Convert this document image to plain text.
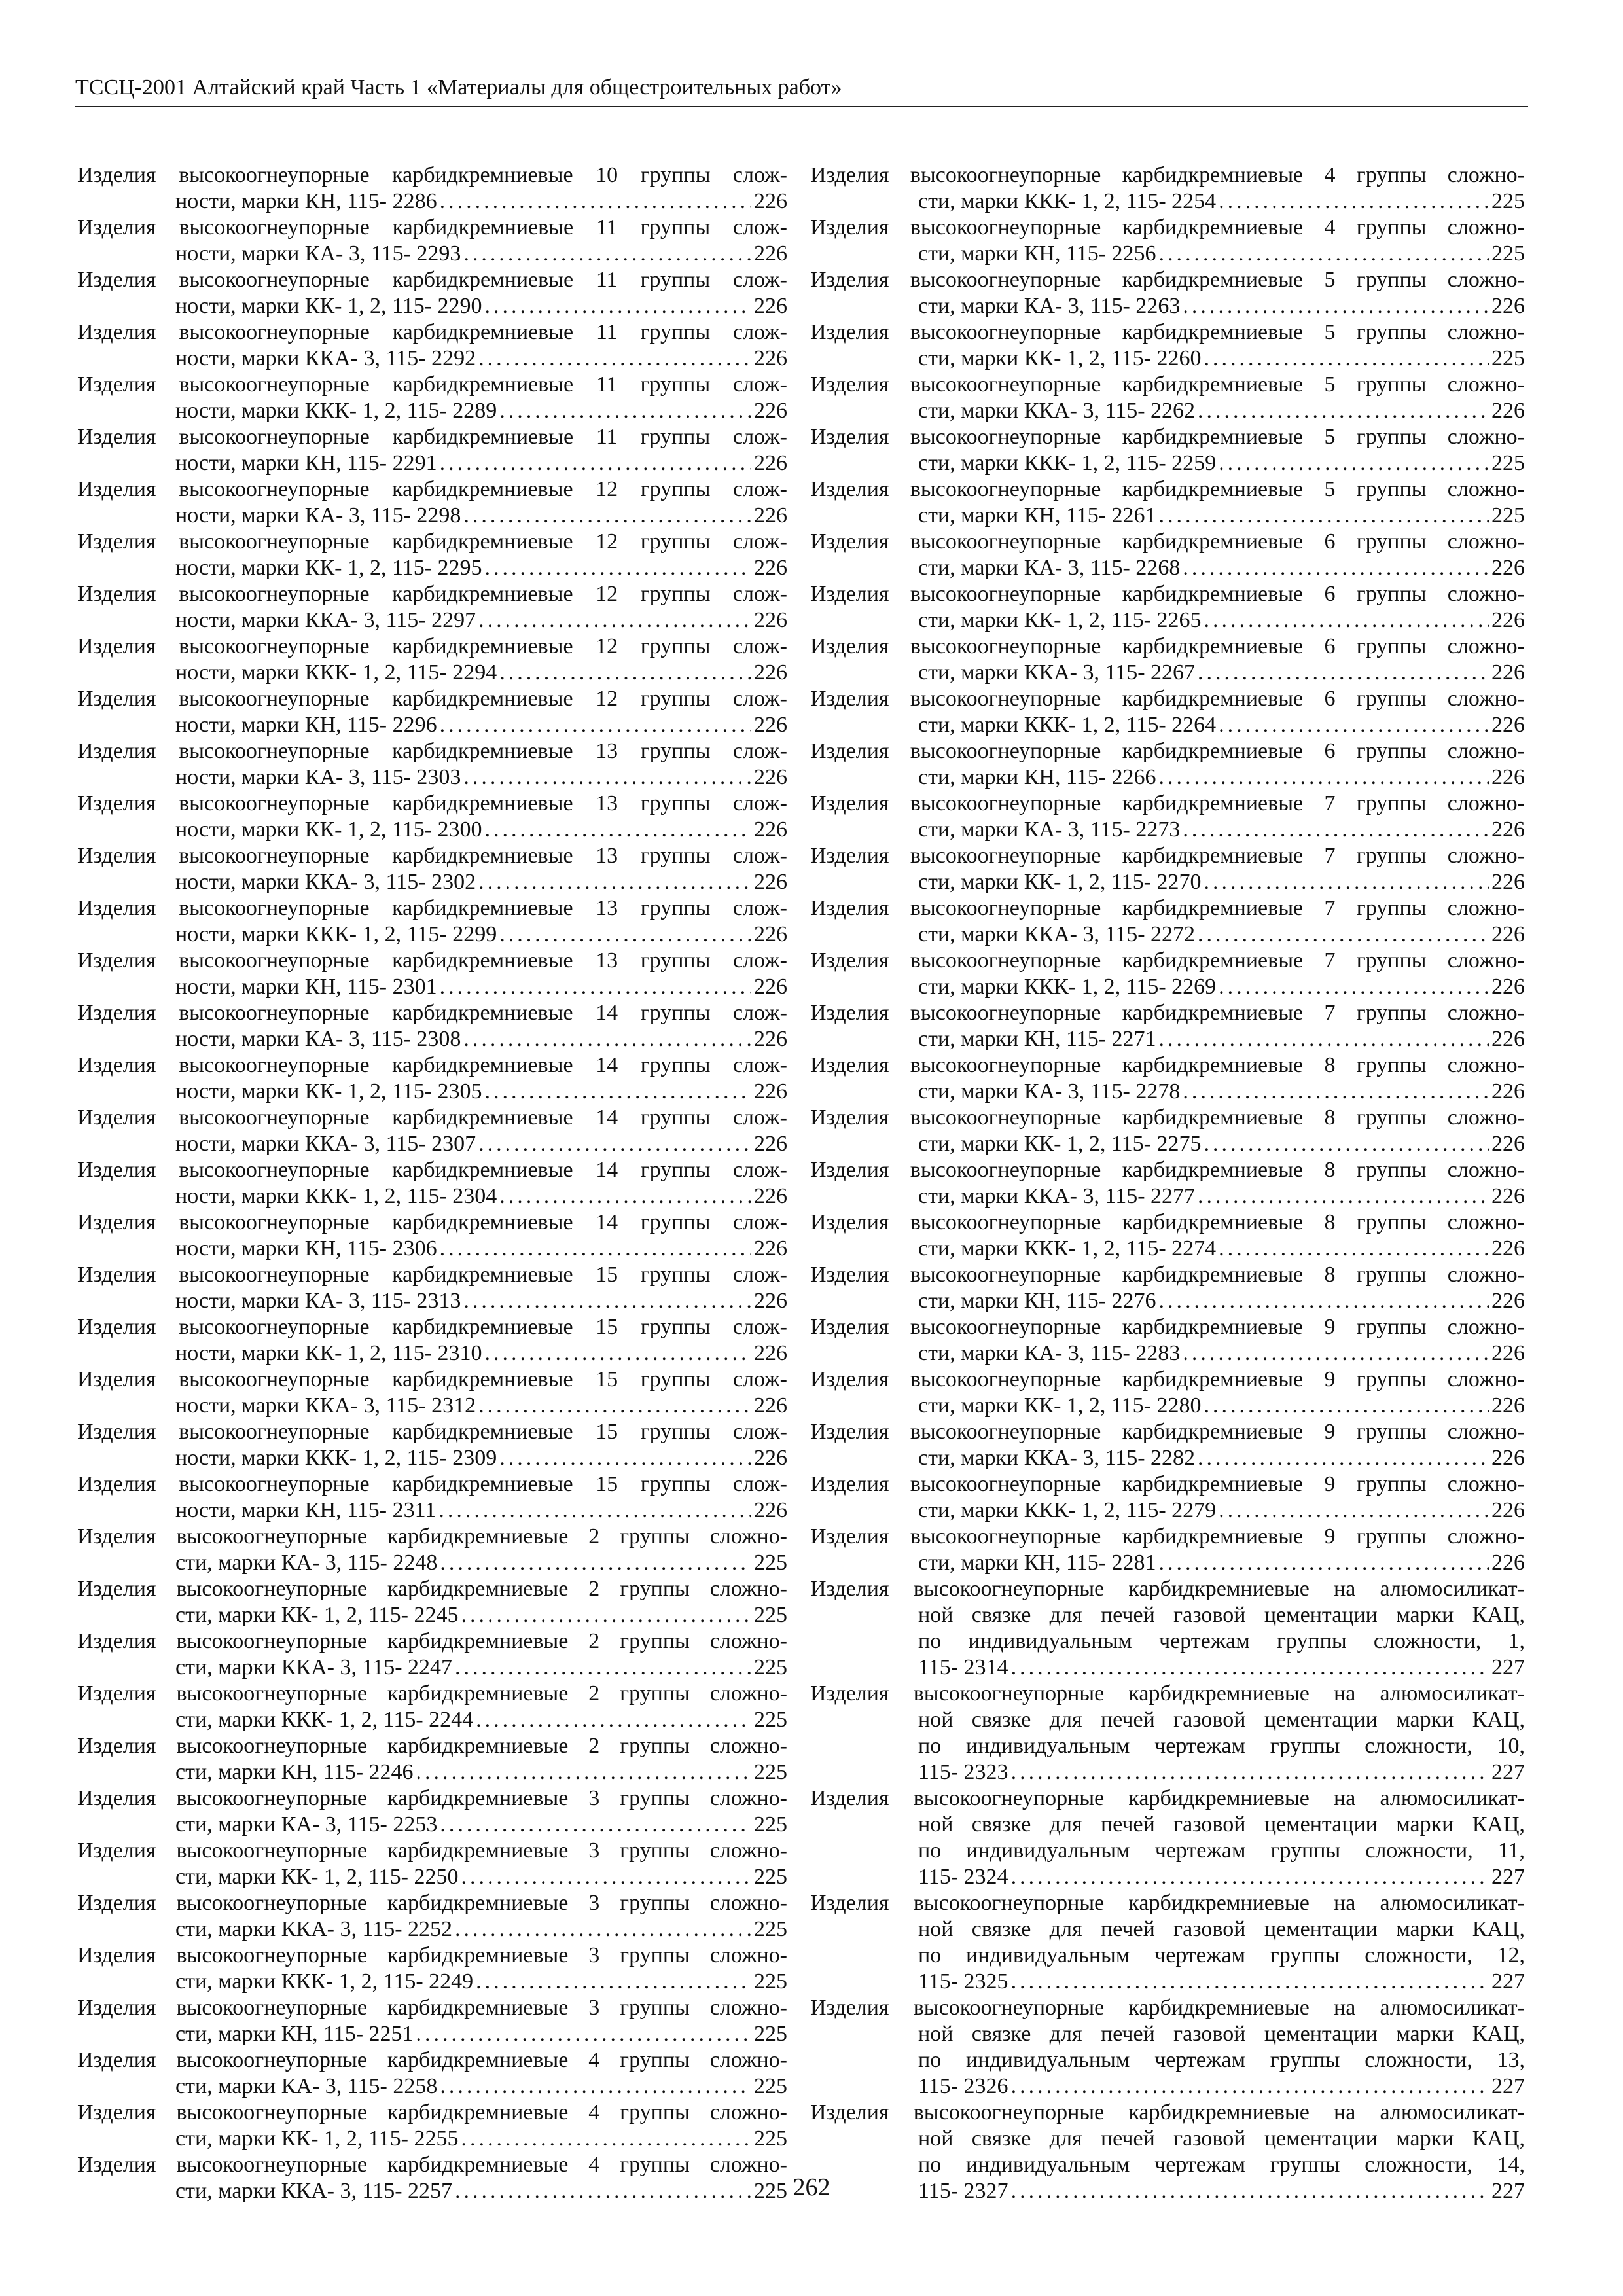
ТССЦ-2001 Алтайский край Часть 1 «Материалы для общестроительных работ»
Изделия высокоогнеупорные карбидкремниевые 10 группы слож-
ности, марки КН, 115- 2286 .....	226
Изделия высокоогнеупорные карбидкремниевые 11 группы слож-
ности, марки КА- 3, 115- 2293 .....	226
Изделия высокоогнеупорные карбидкремниевые 11 группы слож-
ности, марки КК- 1, 2, 115- 2290 .....	226
Изделия высокоогнеупорные карбидкремниевые 11 группы слож-
ности, марки ККА- 3, 115- 2292 .....	226
Изделия высокоогнеупорные карбидкремниевые 11 группы слож-
ности, марки ККК- 1, 2, 115- 2289 .....	226
Изделия высокоогнеупорные карбидкремниевые 11 группы слож-
ности, марки КН, 115- 2291 .....	226
Изделия высокоогнеупорные карбидкремниевые 12 группы слож-
ности, марки КА- 3, 115- 2298 .....	226
Изделия высокоогнеупорные карбидкремниевые 12 группы слож-
ности, марки КК- 1, 2, 115- 2295 .....	226
Изделия высокоогнеупорные карбидкремниевые 12 группы слож-
ности, марки ККА- 3, 115- 2297 .....	226
Изделия высокоогнеупорные карбидкремниевые 12 группы слож-
ности, марки ККК- 1, 2, 115- 2294 .....	226
Изделия высокоогнеупорные карбидкремниевые 12 группы слож-
ности, марки КН, 115- 2296 .....	226
Изделия высокоогнеупорные карбидкремниевые 13 группы слож-
ности, марки КА- 3, 115- 2303 .....	226
Изделия высокоогнеупорные карбидкремниевые 13 группы слож-
ности, марки КК- 1, 2, 115- 2300 .....	226
Изделия высокоогнеупорные карбидкремниевые 13 группы слож-
ности, марки ККА- 3, 115- 2302 .....	226
Изделия высокоогнеупорные карбидкремниевые 13 группы слож-
ности, марки ККК- 1, 2, 115- 2299 .....	226
Изделия высокоогнеупорные карбидкремниевые 13 группы слож-
ности, марки КН, 115- 2301 .....	226
Изделия высокоогнеупорные карбидкремниевые 14 группы слож-
ности, марки КА- 3, 115- 2308 .....	226
Изделия высокоогнеупорные карбидкремниевые 14 группы слож-
ности, марки КК- 1, 2, 115- 2305 .....	226
Изделия высокоогнеупорные карбидкремниевые 14 группы слож-
ности, марки ККА- 3, 115- 2307 .....	226
Изделия высокоогнеупорные карбидкремниевые 14 группы слож-
ности, марки ККК- 1, 2, 115- 2304 .....	226
Изделия высокоогнеупорные карбидкремниевые 14 группы слож-
ности, марки КН, 115- 2306 .....	226
Изделия высокоогнеупорные карбидкремниевые 15 группы слож-
ности, марки КА- 3, 115- 2313 .....	226
Изделия высокоогнеупорные карбидкремниевые 15 группы слож-
ности, марки КК- 1, 2, 115- 2310 .....	226
Изделия высокоогнеупорные карбидкремниевые 15 группы слож-
ности, марки ККА- 3, 115- 2312 .....	226
Изделия высокоогнеупорные карбидкремниевые 15 группы слож-
ности, марки ККК- 1, 2, 115- 2309 .....	226
Изделия высокоогнеупорные карбидкремниевые 15 группы слож-
ности, марки КН, 115- 2311 .....	226
Изделия высокоогнеупорные карбидкремниевые 2 группы сложно-
сти, марки КА- 3, 115- 2248 .....	225
Изделия высокоогнеупорные карбидкремниевые 2 группы сложно-
сти, марки КК- 1, 2, 115- 2245 .....	225
Изделия высокоогнеупорные карбидкремниевые 2 группы сложно-
сти, марки ККА- 3, 115- 2247 .....	225
Изделия высокоогнеупорные карбидкремниевые 2 группы сложно-
сти, марки ККК- 1, 2, 115- 2244 .....	225
Изделия высокоогнеупорные карбидкремниевые 2 группы сложно-
сти, марки КН, 115- 2246 .....	225
Изделия высокоогнеупорные карбидкремниевые 3 группы сложно-
сти, марки КА- 3, 115- 2253 .....	225
Изделия высокоогнеупорные карбидкремниевые 3 группы сложно-
сти, марки КК- 1, 2, 115- 2250 .....	225
Изделия высокоогнеупорные карбидкремниевые 3 группы сложно-
сти, марки ККА- 3, 115- 2252 .....	225
Изделия высокоогнеупорные карбидкремниевые 3 группы сложно-
сти, марки ККК- 1, 2, 115- 2249 .....	225
Изделия высокоогнеупорные карбидкремниевые 3 группы сложно-
сти, марки КН, 115- 2251 .....	225
Изделия высокоогнеупорные карбидкремниевые 4 группы сложно-
сти, марки КА- 3, 115- 2258 .....	225
Изделия высокоогнеупорные карбидкремниевые 4 группы сложно-
сти, марки КК- 1, 2, 115- 2255 .....	225
Изделия высокоогнеупорные карбидкремниевые 4 группы сложно-
сти, марки ККА- 3, 115- 2257 .....	225
Изделия высокоогнеупорные карбидкремниевые 4 группы сложно-
сти, марки ККК- 1, 2, 115- 2254 .....	225
Изделия высокоогнеупорные карбидкремниевые 4 группы сложно-
сти, марки КН, 115- 2256 .....	225
Изделия высокоогнеупорные карбидкремниевые 5 группы сложно-
сти, марки КА- 3, 115- 2263 .....	226
Изделия высокоогнеупорные карбидкремниевые 5 группы сложно-
сти, марки КК- 1, 2, 115- 2260 .....	225
Изделия высокоогнеупорные карбидкремниевые 5 группы сложно-
сти, марки ККА- 3, 115- 2262 .....	226
Изделия высокоогнеупорные карбидкремниевые 5 группы сложно-
сти, марки ККК- 1, 2, 115- 2259 .....	225
Изделия высокоогнеупорные карбидкремниевые 5 группы сложно-
сти, марки КН, 115- 2261 .....	225
Изделия высокоогнеупорные карбидкремниевые 6 группы сложно-
сти, марки КА- 3, 115- 2268 .....	226
Изделия высокоогнеупорные карбидкремниевые 6 группы сложно-
сти, марки КК- 1, 2, 115- 2265 .....	226
Изделия высокоогнеупорные карбидкремниевые 6 группы сложно-
сти, марки ККА- 3, 115- 2267 .....	226
Изделия высокоогнеупорные карбидкремниевые 6 группы сложно-
сти, марки ККК- 1, 2, 115- 2264 .....	226
Изделия высокоогнеупорные карбидкремниевые 6 группы сложно-
сти, марки КН, 115- 2266 .....	226
Изделия высокоогнеупорные карбидкремниевые 7 группы сложно-
сти, марки КА- 3, 115- 2273 .....	226
Изделия высокоогнеупорные карбидкремниевые 7 группы сложно-
сти, марки КК- 1, 2, 115- 2270 .....	226
Изделия высокоогнеупорные карбидкремниевые 7 группы сложно-
сти, марки ККА- 3, 115- 2272 .....	226
Изделия высокоогнеупорные карбидкремниевые 7 группы сложно-
сти, марки ККК- 1, 2, 115- 2269 .....	226
Изделия высокоогнеупорные карбидкремниевые 7 группы сложно-
сти, марки КН, 115- 2271 .....	226
Изделия высокоогнеупорные карбидкремниевые 8 группы сложно-
сти, марки КА- 3, 115- 2278 .....	226
Изделия высокоогнеупорные карбидкремниевые 8 группы сложно-
сти, марки КК- 1, 2, 115- 2275 .....	226
Изделия высокоогнеупорные карбидкремниевые 8 группы сложно-
сти, марки ККА- 3, 115- 2277 .....	226
Изделия высокоогнеупорные карбидкремниевые 8 группы сложно-
сти, марки ККК- 1, 2, 115- 2274 .....	226
Изделия высокоогнеупорные карбидкремниевые 8 группы сложно-
сти, марки КН, 115- 2276 .....	226
Изделия высокоогнеупорные карбидкремниевые 9 группы сложно-
сти, марки КА- 3, 115- 2283 .....	226
Изделия высокоогнеупорные карбидкремниевые 9 группы сложно-
сти, марки КК- 1, 2, 115- 2280 .....	226
Изделия высокоогнеупорные карбидкремниевые 9 группы сложно-
сти, марки ККА- 3, 115- 2282 .....	226
Изделия высокоогнеупорные карбидкремниевые 9 группы сложно-
сти, марки ККК- 1, 2, 115- 2279 .....	226
Изделия высокоогнеупорные карбидкремниевые 9 группы сложно-
сти, марки КН, 115- 2281 .....	226
Изделия высокоогнеупорные карбидкремниевые на алюмосиликат-
ной связке для печей газовой цементации марки КАЦ,
по индивидуальным чертежам группы сложности, 1,
115- 2314 .....	227
Изделия высокоогнеупорные карбидкремниевые на алюмосиликат-
ной связке для печей газовой цементации марки КАЦ,
по индивидуальным чертежам группы сложности, 10,
115- 2323 .....	227
Изделия высокоогнеупорные карбидкремниевые на алюмосиликат-
ной связке для печей газовой цементации марки КАЦ,
по индивидуальным чертежам группы сложности, 11,
115- 2324 .....	227
Изделия высокоогнеупорные карбидкремниевые на алюмосиликат-
ной связке для печей газовой цементации марки КАЦ,
по индивидуальным чертежам группы сложности, 12,
115- 2325 .....	227
Изделия высокоогнеупорные карбидкремниевые на алюмосиликат-
ной связке для печей газовой цементации марки КАЦ,
по индивидуальным чертежам группы сложности, 13,
115- 2326 .....	227
Изделия высокоогнеупорные карбидкремниевые на алюмосиликат-
ной связке для печей газовой цементации марки КАЦ,
по индивидуальным чертежам группы сложности, 14,
115- 2327 .....	227
262
